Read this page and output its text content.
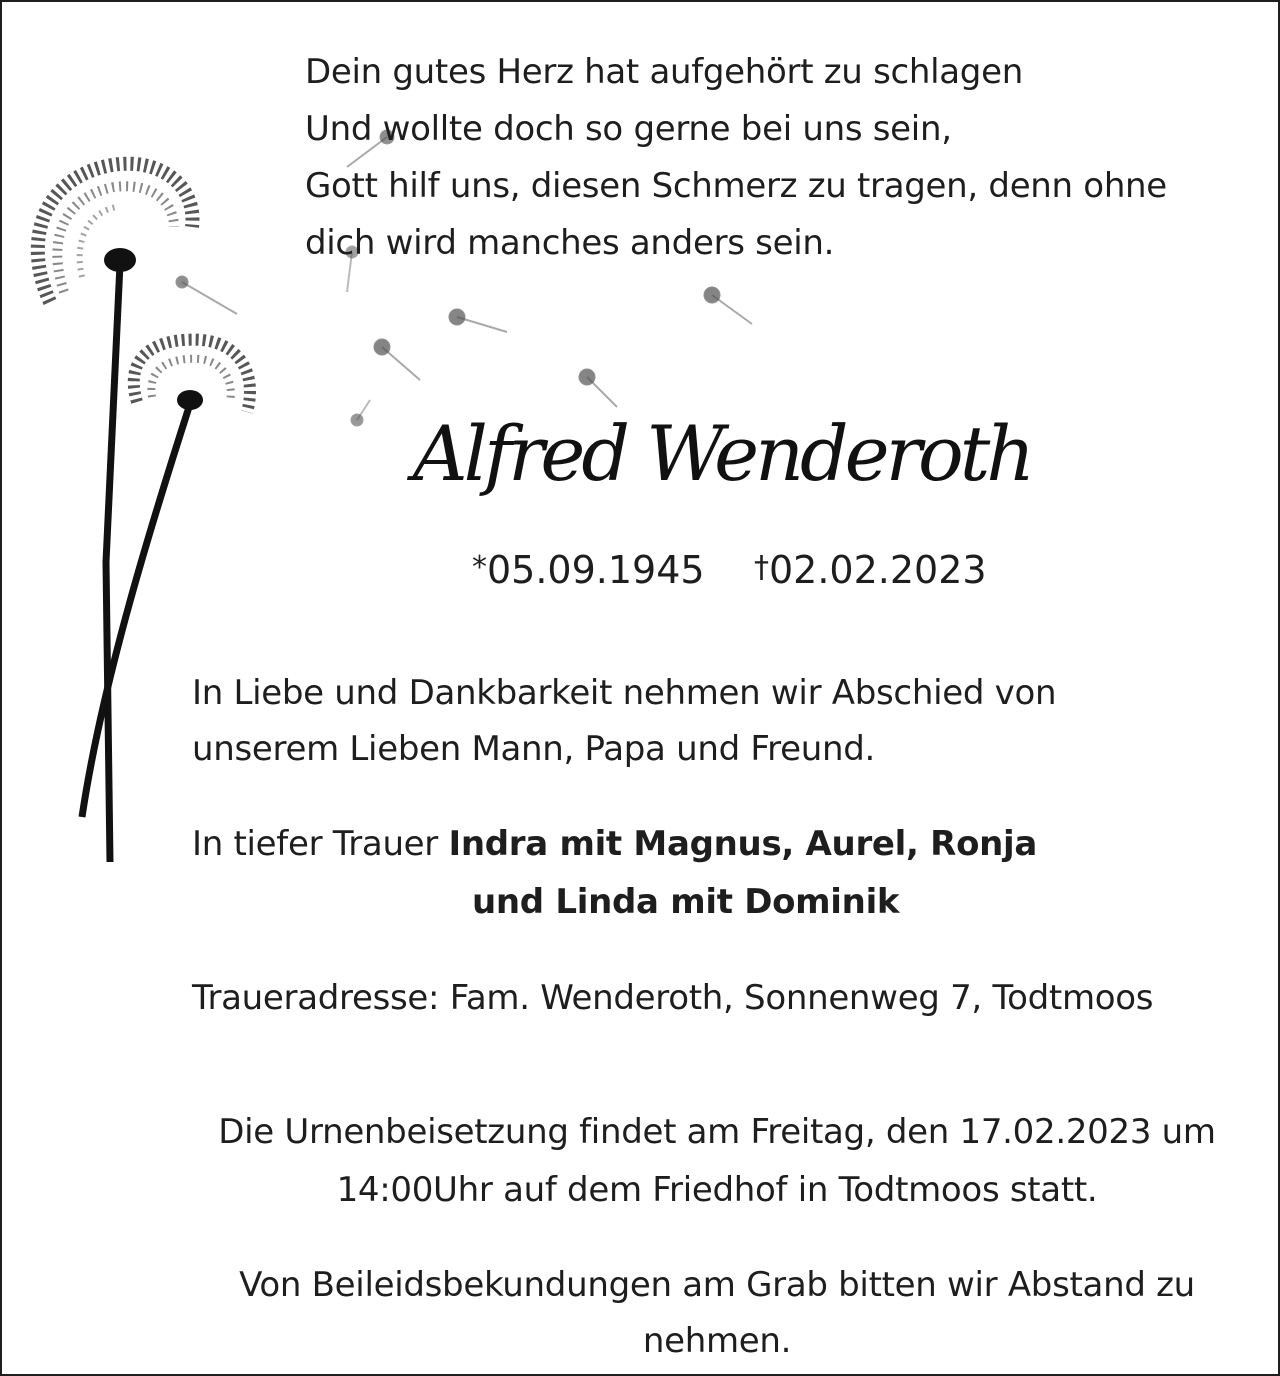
Dein gutes Herz hat aufgehört zu schlagen
Und wollte doch so gerne bei uns sein,
Gott hilf uns, diesen Schmerz zu tragen, denn ohne
dich wird manches anders sein.
Alfred Wenderoth
*05.09.1945 †02.02.2023
In Liebe und Dankbarkeit nehmen wir Abschied von
unserem Lieben Mann, Papa und Freund.
In tiefer Trauer Indra mit Magnus, Aurel, Ronja
und Linda mit Dominik
Traueradresse: Fam. Wenderoth, Sonnenweg 7, Todtmoos
Die Urnenbeisetzung findet am Freitag, den 17.02.2023 um
14:00Uhr auf dem Friedhof in Todtmoos statt.
Von Beileidsbekundungen am Grab bitten wir Abstand zu
nehmen.
